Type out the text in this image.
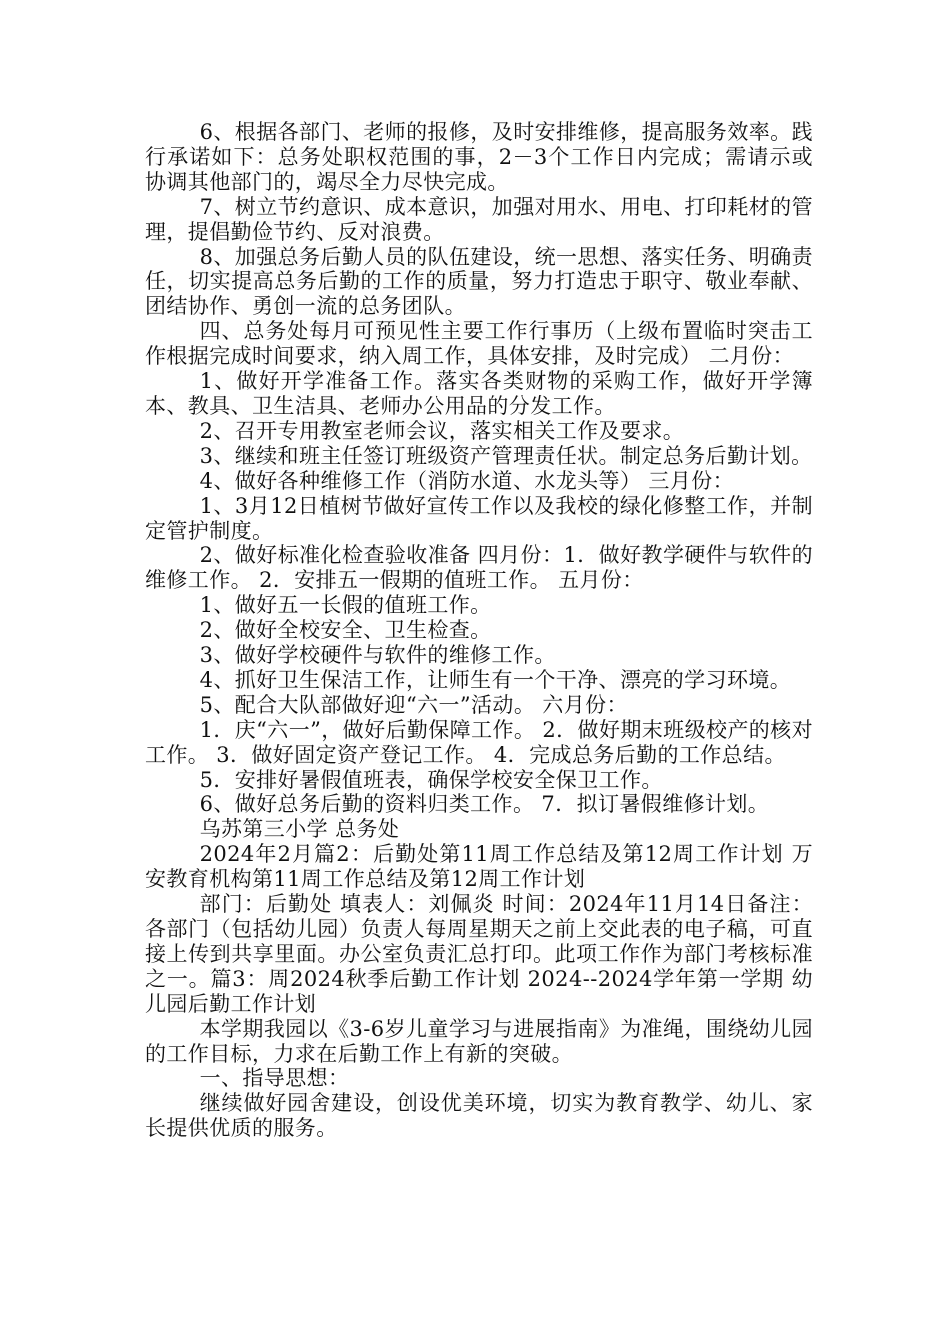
6、根据各部门、老师的报修，及时安排维修，提高服务效率。践行承诺如下：总务处职权范围的事，2－3个工作日内完成；需请示或协调其他部门的，竭尽全力尽快完成。

7、树立节约意识、成本意识，加强对用水、用电、打印耗材的管理，提倡勤俭节约、反对浪费。

8、加强总务后勤人员的队伍建设，统一思想、落实任务、明确责任，切实提高总务后勤的工作的质量，努力打造忠于职守、敬业奉献、团结协作、勇创一流的总务团队。

四、总务处每月可预见性主要工作行事历（上级布置临时突击工作根据完成时间要求，纳入周工作，具体安排，及时完成） 二月份：

1、做好开学准备工作。落实各类财物的采购工作，做好开学簿本、教具、卫生洁具、老师办公用品的分发工作。

2、召开专用教室老师会议，落实相关工作及要求。

3、继续和班主任签订班级资产管理责任状。制定总务后勤计划。

4、做好各种维修工作（消防水道、水龙头等） 三月份：

1、3月12日植树节做好宣传工作以及我校的绿化修整工作，并制定管护制度。

2、做好标准化检查验收准备 四月份：1．做好教学硬件与软件的维修工作。 2．安排五一假期的值班工作。 五月份：

1、做好五一长假的值班工作。

2、做好全校安全、卫生检查。

3、做好学校硬件与软件的维修工作。

4、抓好卫生保洁工作，让师生有一个干净、漂亮的学习环境。

5、配合大队部做好迎“六一”活动。 六月份：

1．庆“六一”，做好后勤保障工作。 2．做好期末班级校产的核对工作。 3．做好固定资产登记工作。 4．完成总务后勤的工作总结。

5．安排好暑假值班表，确保学校安全保卫工作。

6、做好总务后勤的资料归类工作。 7．拟订暑假维修计划。

乌苏第三小学 总务处

2024年2月篇2：后勤处第11周工作总结及第12周工作计划 万安教育机构第11周工作总结及第12周工作计划

部门：后勤处 填表人：刘佩炎 时间：2024年11月14日备注：各部门（包括幼儿园）负责人每周星期天之前上交此表的电子稿，可直接上传到共享里面。办公室负责汇总打印。此项工作作为部门考核标准之一。篇3：周2024秋季后勤工作计划 2024--2024学年第一学期 幼儿园后勤工作计划

本学期我园以《3-6岁儿童学习与进展指南》为准绳，围绕幼儿园的工作目标，力求在后勤工作上有新的突破。

一、指导思想：

继续做好园舍建设，创设优美环境，切实为教育教学、幼儿、家长提供优质的服务。
